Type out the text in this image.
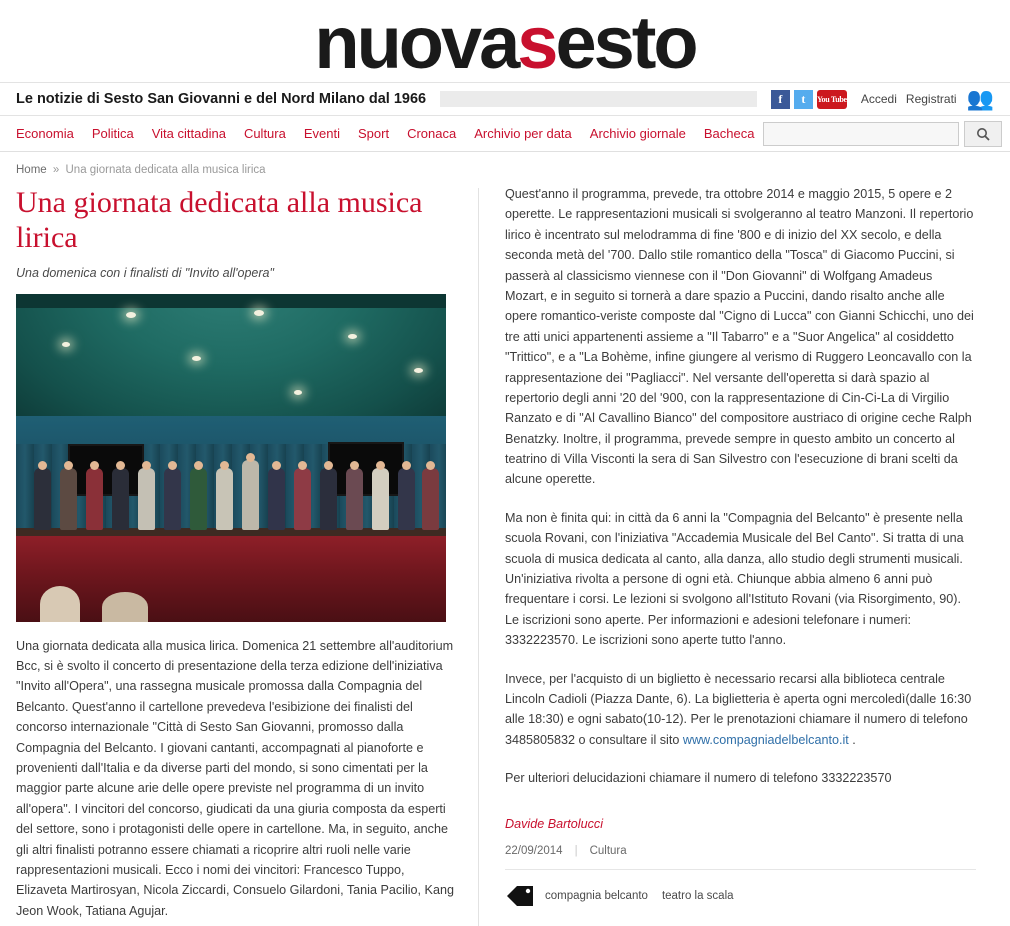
nuovasesto
Le notizie di Sesto San Giovanni e del Nord Milano dal 1966	f	t	You Tube Accedi Registrati 👥
Economia	Politica	Vita cittadina	Cultura	Eventi	Sport	Cronaca	Archivio per data	Archivio giornale	Bacheca
Home » Una giornata dedicata alla musica lirica
Una giornata dedicata alla musica lirica
Una domenica con i finalisti di "Invito all'opera"

Una giornata dedicata alla musica lirica. Domenica 21 settembre all'auditorium Bcc, si è svolto il concerto di presentazione della terza edizione dell'iniziativa "Invito all'Opera", una rassegna musicale promossa dalla Compagnia del Belcanto. Quest'anno il cartellone prevedeva l'esibizione dei finalisti del concorso internazionale "Città di Sesto San Giovanni, promosso dalla Compagnia del Belcanto. I giovani cantanti, accompagnati al pianoforte e provenienti dall'Italia e da diverse parti del mondo, si sono cimentati per la maggior parte alcune arie delle opere previste nel programma di un invito all'opera". I vincitori del concorso, giudicati da una giuria composta da esperti del settore, sono i protagonisti delle opere in cartellone. Ma, in seguito, anche gli altri finalisti potranno essere chiamati a ricoprire altri ruoli nelle varie rappresentazioni musicali. Ecco i nomi dei vincitori: Francesco Tuppo, Elizaveta Martirosyan, Nicola Ziccardi, Consuelo Gilardoni, Tania Pacilio, Kang Jeon Wook, Tatiana Agujar.

Quest'anno il programma, prevede, tra ottobre 2014 e maggio 2015, 5 opere e 2 operette. Le rappresentazioni musicali si svolgeranno al teatro Manzoni. Il repertorio lirico è incentrato sul melodramma di fine '800 e di inizio del XX secolo, e della seconda metà del '700. Dallo stile romantico della "Tosca" di Giacomo Puccini, si passerà al classicismo viennese con il "Don Giovanni" di Wolfgang Amadeus Mozart, e in seguito si tornerà a dare spazio a Puccini, dando risalto anche alle opere romantico-veriste composte dal "Cigno di Lucca" con Gianni Schicchi, uno dei tre atti unici appartenenti assieme a "Il Tabarro" e a "Suor Angelica" al cosiddetto "Trittico", e a "La Bohème, infine giungere al verismo di Ruggero Leoncavallo con la rappresentazione dei "Pagliacci". Nel versante dell'operetta si darà spazio al repertorio degli anni '20 del '900, con la rappresentazione di Cin-Ci-La di Virgilio Ranzato e di "Al Cavallino Bianco" del compositore austriaco di origine ceche Ralph Benatzky. Inoltre, il programma, prevede sempre in questo ambito un concerto al teatrino di Villa Visconti la sera di San Silvestro con l'esecuzione di brani scelti da alcune operette.

Ma non è finita qui: in città da 6 anni la "Compagnia del Belcanto" è presente nella scuola Rovani, con l'iniziativa "Accademia Musicale del Bel Canto". Si tratta di una scuola di musica dedicata al canto, alla danza, allo studio degli strumenti musicali. Un'iniziativa rivolta a persone di ogni età. Chiunque abbia almeno 6 anni può frequentare i corsi. Le lezioni si svolgono all'Istituto Rovani (via Risorgimento, 90). Le iscrizioni sono aperte. Per informazioni e adesioni telefonare i numeri: 3332223570. Le iscrizioni sono aperte tutto l'anno.

Invece, per l'acquisto di un biglietto è necessario recarsi alla biblioteca centrale Lincoln Cadioli (Piazza Dante, 6). La biglietteria è aperta ogni mercoledì(dalle 16:30 alle 18:30) e ogni sabato(10-12). Per le prenotazioni chiamare il numero di telefono 3485805832 o consultare il sito www.compagniadelbelcanto.it .

Per ulteriori delucidazioni chiamare il numero di telefono 3332223570

Davide Bartolucci
22/09/2014 | Cultura
compagnia belcanto teatro la scala
